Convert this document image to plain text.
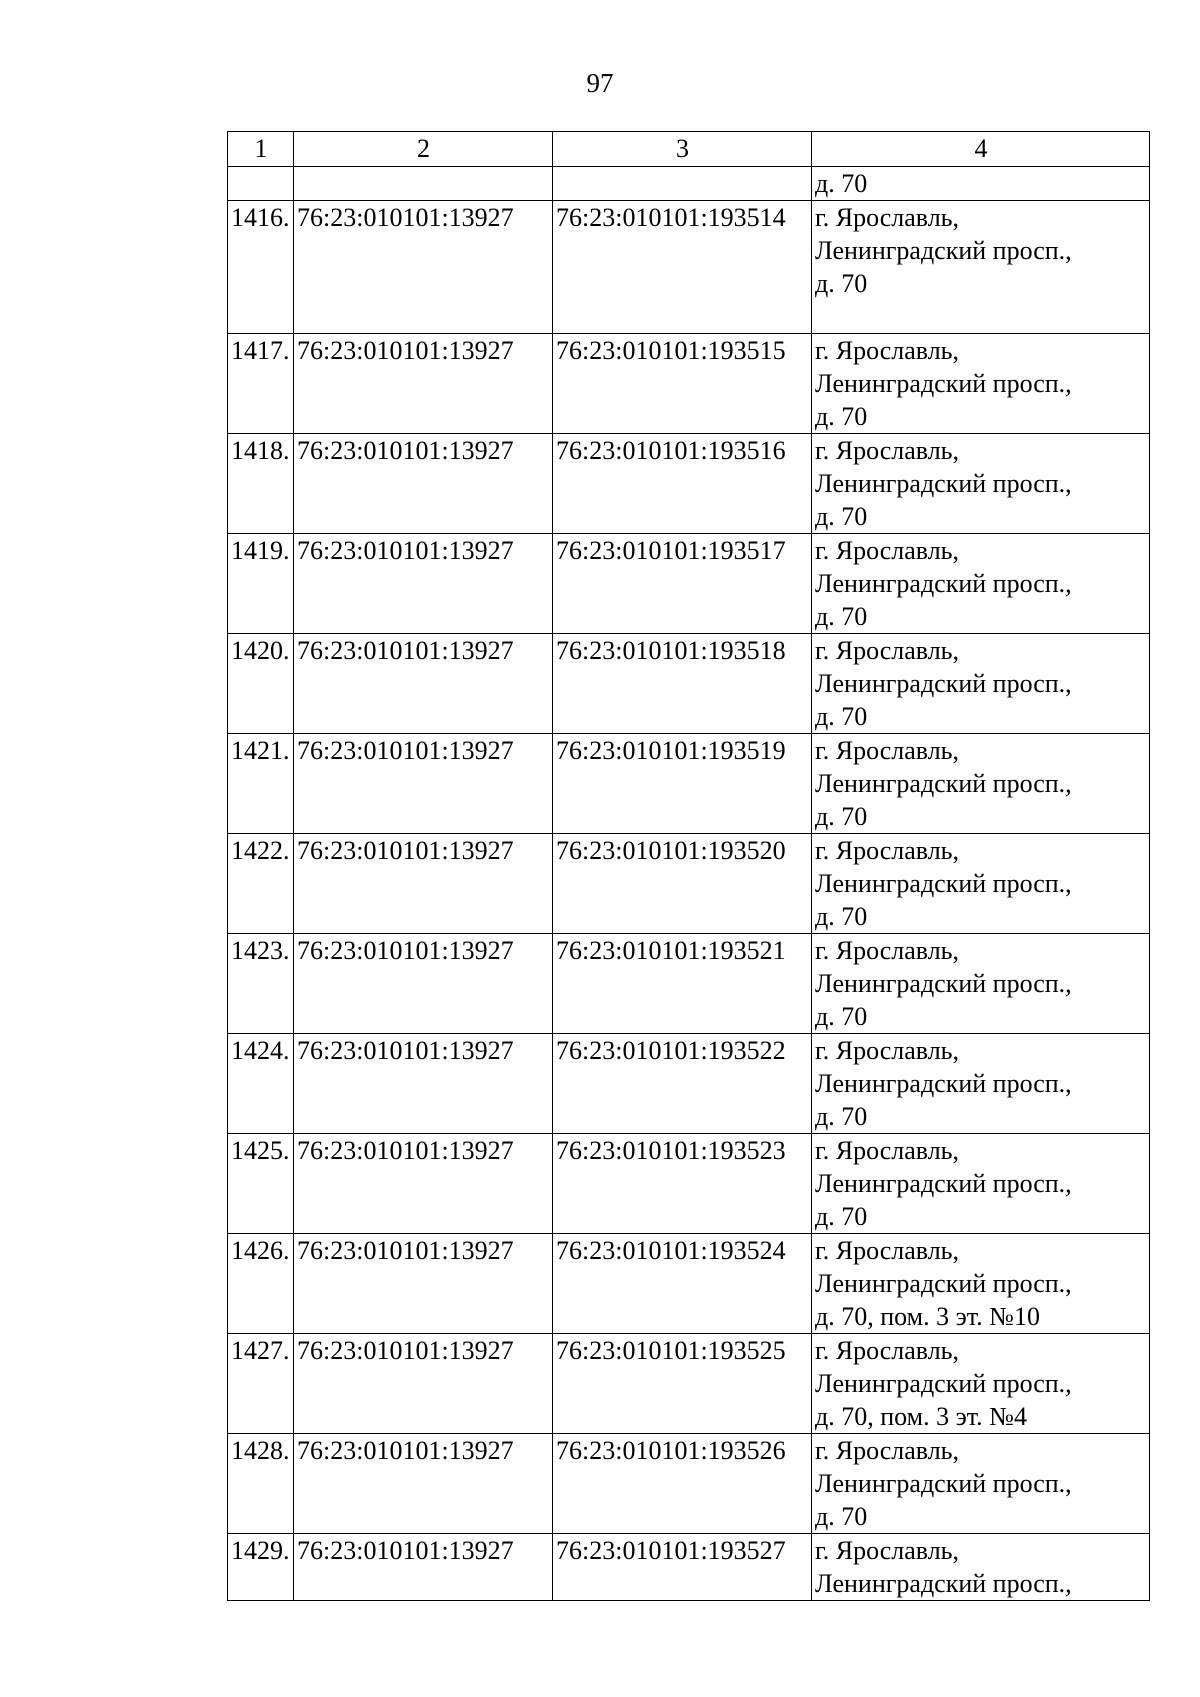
97
1	2	3	4

			д. 70

1416.	76:23:010101:13927	76:23:010101:193514	г. Ярославль,
Ленинградский просп.,
д. 70

1417.	76:23:010101:13927	76:23:010101:193515	г. Ярославль,
Ленинградский просп.,
д. 70

1418.	76:23:010101:13927	76:23:010101:193516	г. Ярославль,
Ленинградский просп.,
д. 70

1419.	76:23:010101:13927	76:23:010101:193517	г. Ярославль,
Ленинградский просп.,
д. 70

1420.	76:23:010101:13927	76:23:010101:193518	г. Ярославль,
Ленинградский просп.,
д. 70

1421.	76:23:010101:13927	76:23:010101:193519	г. Ярославль,
Ленинградский просп.,
д. 70

1422.	76:23:010101:13927	76:23:010101:193520	г. Ярославль,
Ленинградский просп.,
д. 70

1423.	76:23:010101:13927	76:23:010101:193521	г. Ярославль,
Ленинградский просп.,
д. 70

1424.	76:23:010101:13927	76:23:010101:193522	г. Ярославль,
Ленинградский просп.,
д. 70

1425.	76:23:010101:13927	76:23:010101:193523	г. Ярославль,
Ленинградский просп.,
д. 70

1426.	76:23:010101:13927	76:23:010101:193524	г. Ярославль,
Ленинградский просп.,
д. 70, пом. 3 эт. №10

1427.	76:23:010101:13927	76:23:010101:193525	г. Ярославль,
Ленинградский просп.,
д. 70, пом. 3 эт. №4

1428.	76:23:010101:13927	76:23:010101:193526	г. Ярославль,
Ленинградский просп.,
д. 70

1429.	76:23:010101:13927	76:23:010101:193527	г. Ярославль,
Ленинградский просп.,
